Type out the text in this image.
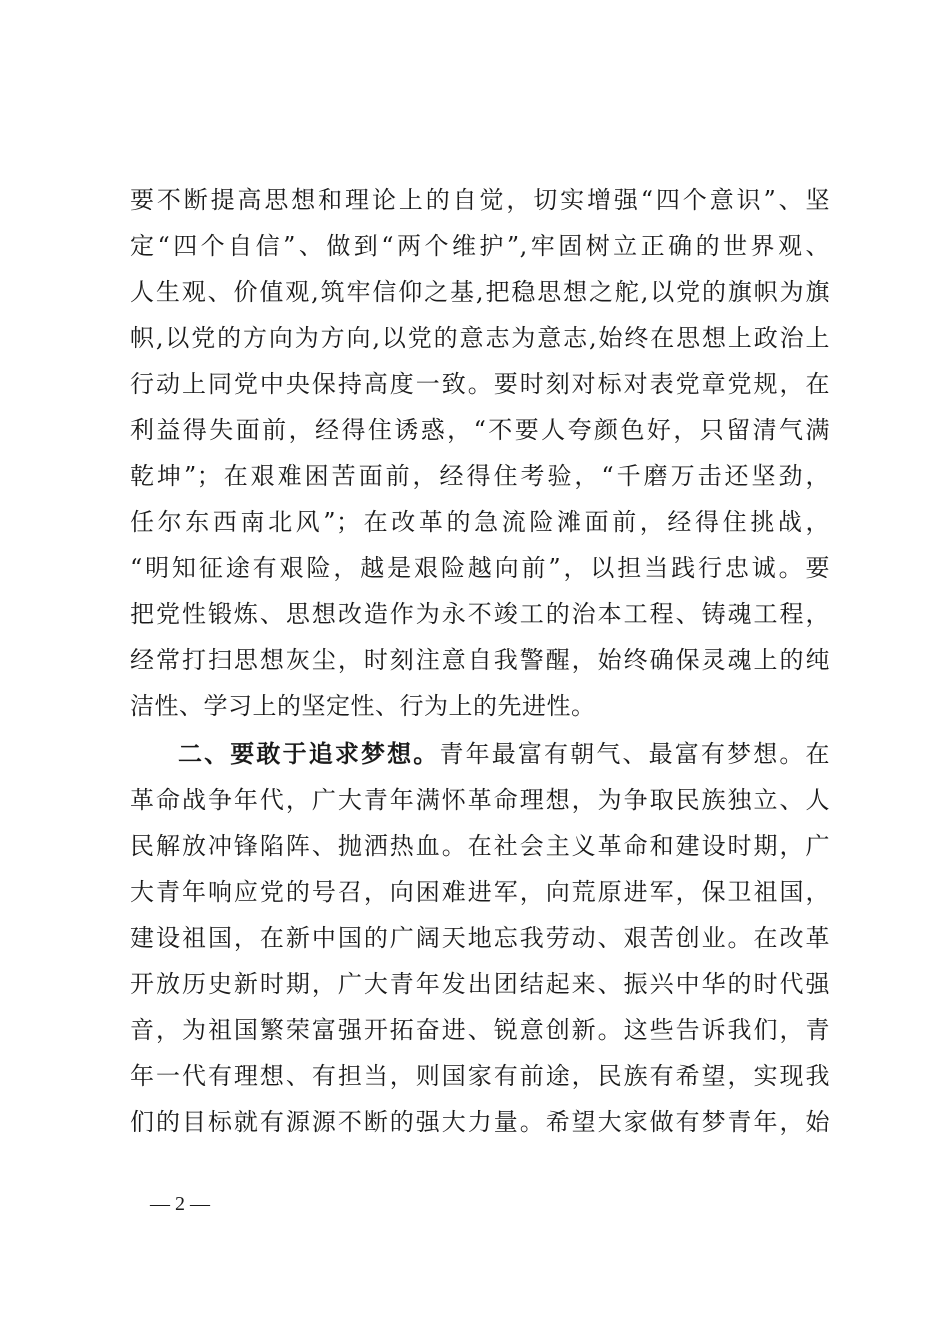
要不断提高思想和理论上的自觉，切实增强“四个意识”、坚
定“四个自信”、做到“两个维护”,牢固树立正确的世界观、
人生观、价值观,筑牢信仰之基,把稳思想之舵,以党的旗帜为旗
帜,以党的方向为方向,以党的意志为意志,始终在思想上政治上
行动上同党中央保持高度一致。要时刻对标对表党章党规，在
利益得失面前，经得住诱惑，“不要人夸颜色好，只留清气满
乾坤”；在艰难困苦面前，经得住考验，“千磨万击还坚劲，
任尔东西南北风”；在改革的急流险滩面前，经得住挑战，
“明知征途有艰险，越是艰险越向前”，以担当践行忠诚。要
把党性锻炼、思想改造作为永不竣工的治本工程、铸魂工程，
经常打扫思想灰尘，时刻注意自我警醒，始终确保灵魂上的纯
洁性、学习上的坚定性、行为上的先进性。
二、要敢于追求梦想。青年最富有朝气、最富有梦想。在
革命战争年代，广大青年满怀革命理想，为争取民族独立、人
民解放冲锋陷阵、抛洒热血。在社会主义革命和建设时期，广
大青年响应党的号召，向困难进军，向荒原进军，保卫祖国，
建设祖国，在新中国的广阔天地忘我劳动、艰苦创业。在改革
开放历史新时期，广大青年发出团结起来、振兴中华的时代强
音，为祖国繁荣富强开拓奋进、锐意创新。这些告诉我们，青
年一代有理想、有担当，则国家有前途，民族有希望，实现我
们的目标就有源源不断的强大力量。希望大家做有梦青年，始
— 2 —
